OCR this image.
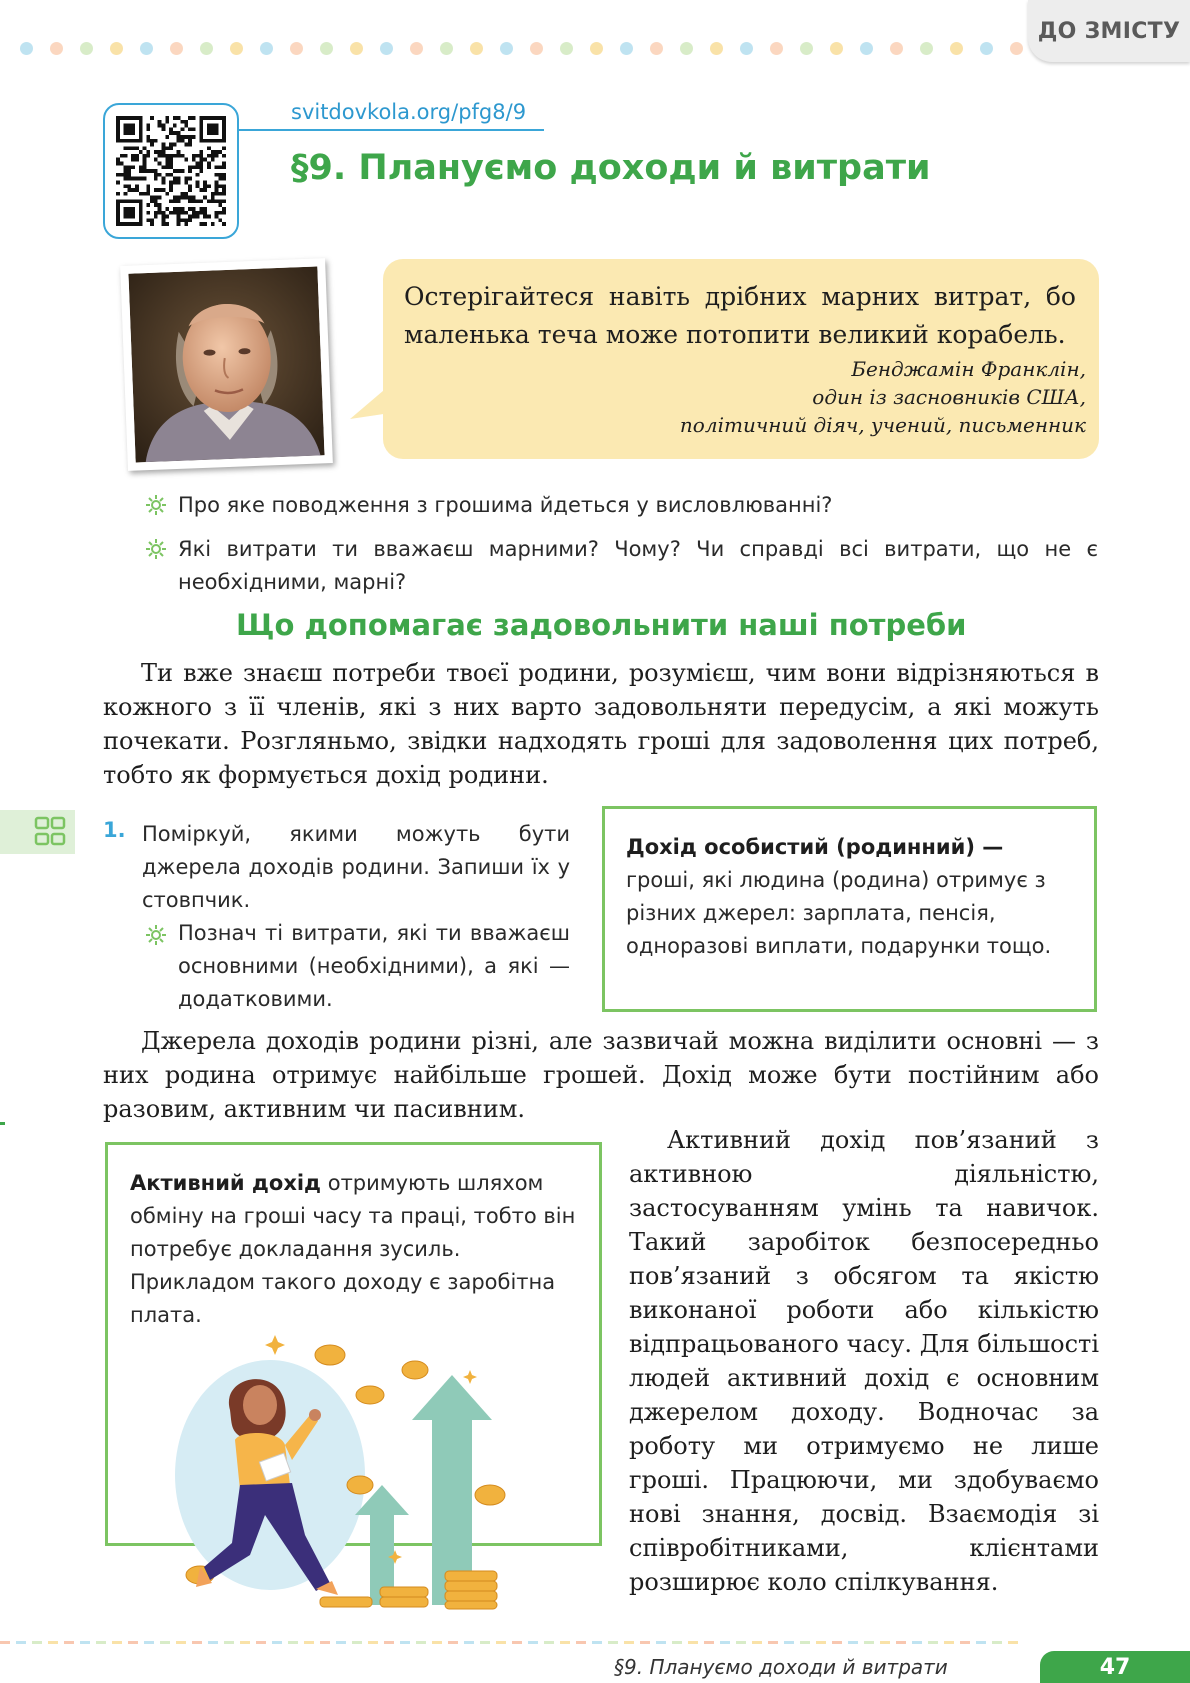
ДО ЗМІСТУ
svitdovkola.org/pfg8/9
§9. Плануємо доходи й витрати
Остерігайтеся навіть дрібних марних витрат, бо маленька теча може потопити великий корабель.
Бенджамін Франклін,
один із засновників США,
політичний діяч, учений, письменник
Про яке поводження з грошима йдеться у висловлюванні?
Які витрати ти вважаєш марними? Чому? Чи справді всі витрати, що не є необхідними, марні?
Що допомагає задовольнити наші потреби
Ти вже знаєш потреби твоєї родини, розумієш, чим вони відрізняються в кожного з її членів, які з них варто задовольняти передусім, а які можуть почекати. Розгляньмо, звідки надходять гроші для задоволення цих потреб, тобто як формується дохід родини.
1. Поміркуй, якими можуть бути джерела доходів родини. Запиши їх у стовпчик.
Познач ті витрати, які ти вважаєш основними (необхідними), а які — додатковими.
Дохід особистий (родинний) —
гроші, які людина (родина) отримує з різних джерел: зарплата, пенсія, одноразові виплати, подарунки тощо.
Джерела доходів родини різні, але зазвичай можна виділити основні — з них родина отримує найбільше грошей. Дохід може бути постійним або разовим, активним чи пасивним.
Активний дохід отримують шляхом обміну на гроші часу та праці, тобто він потребує докладання зусиль. Прикладом такого доходу є заробітна плата.
Активний дохід пов’язаний з активною діяльністю, застосуванням умінь та навичок. Такий заробіток безпосередньо пов’язаний з обсягом та якістю виконаної роботи або кількістю відпрацьованого часу. Для більшості людей активний дохід є основним джерелом доходу. Водночас за роботу ми отримуємо не лише гроші. Працюючи, ми здобуваємо нові знання, досвід. Взаємодія зі співробітниками, клієнтами розширює коло спілкування.
§9. Плануємо доходи й витрати	47
